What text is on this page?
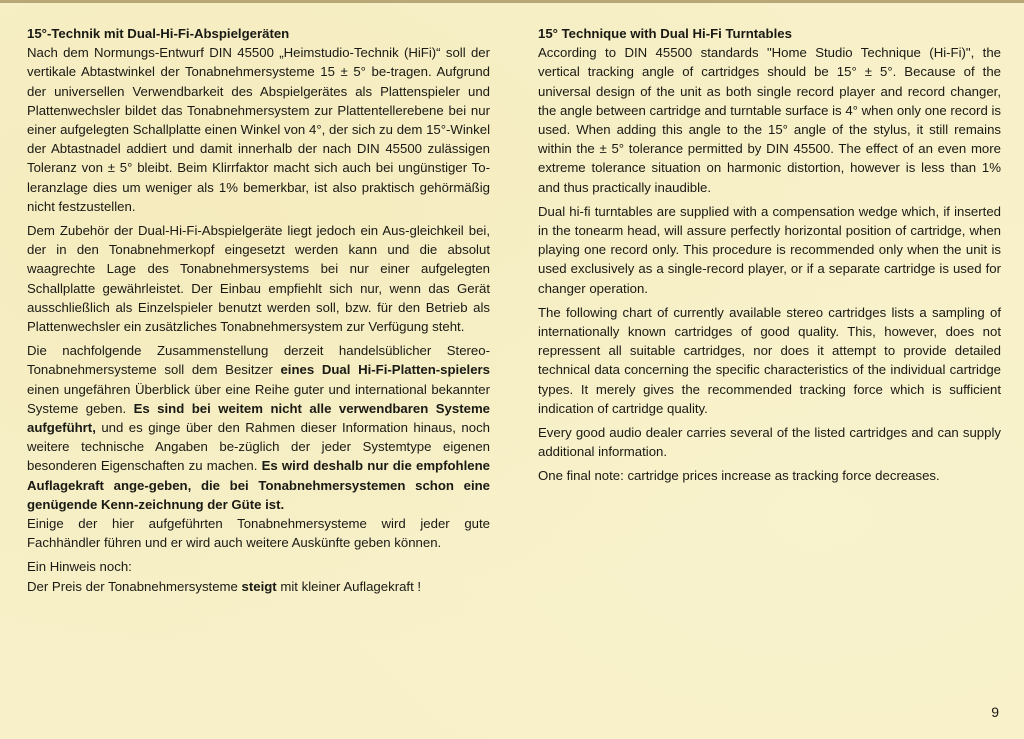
15°-Technik mit Dual-Hi-Fi-Abspielgeräten

Nach dem Normungs-Entwurf DIN 45500 „Heimstudio-Technik (HiFi)“ soll der vertikale Abtastwinkel der Tonabnehmersysteme 15 ± 5° be-tragen. Aufgrund der universellen Verwendbarkeit des Abspielgerätes als Plattenspieler und Plattenwechsler bildet das Tonabnehmersystem zur Plattentellerebene bei nur einer aufgelegten Schallplatte einen Winkel von 4°, der sich zu dem 15°-Winkel der Abtastnadel addiert und damit innerhalb der nach DIN 45500 zulässigen Toleranz von ± 5° bleibt. Beim Klirrfaktor macht sich auch bei ungünstiger To-leranzlage dies um weniger als 1% bemerkbar, ist also praktisch gehörmäßig nicht festzustellen.

Dem Zubehör der Dual-Hi-Fi-Abspielgeräte liegt jedoch ein Aus-gleichkeil bei, der in den Tonabnehmerkopf eingesetzt werden kann und die absolut waagrechte Lage des Tonabnehmersystems bei nur einer aufgelegten Schallplatte gewährleistet. Der Einbau empfiehlt sich nur, wenn das Gerät ausschließlich als Einzelspieler benutzt werden soll, bzw. für den Betrieb als Plattenwechsler ein zusätzliches Tonabnehmersystem zur Verfügung steht.

Die nachfolgende Zusammenstellung derzeit handelsüblicher Stereo-Tonabnehmersysteme soll dem Besitzer eines Dual Hi-Fi-Platten-spielers einen ungefähren Überblick über eine Reihe guter und international bekannter Systeme geben. Es sind bei weitem nicht alle verwendbaren Systeme aufgeführt, und es ginge über den Rahmen dieser Information hinaus, noch weitere technische Angaben be-züglich der jeder Systemtype eigenen besonderen Eigenschaften zu machen. Es wird deshalb nur die empfohlene Auflagekraft ange-geben, die bei Tonabnehmersystemen schon eine genügende Kenn-zeichnung der Güte ist.

Einige der hier aufgeführten Tonabnehmersysteme wird jeder gute Fachhändler führen und er wird auch weitere Auskünfte geben können.

Ein Hinweis noch:

Der Preis der Tonabnehmersysteme steigt mit kleiner Auflagekraft !

15° Technique with Dual Hi-Fi Turntables

According to DIN 45500 standards "Home Studio Technique (Hi-Fi)", the vertical tracking angle of cartridges should be 15° ± 5°. Because of the universal design of the unit as both single record player and record changer, the angle between cartridge and turntable surface is 4° when only one record is used. When adding this angle to the 15° angle of the stylus, it still remains within the ± 5° tolerance permitted by DIN 45500. The effect of an even more extreme tolerance situation on harmonic distortion, however is less than 1% and thus practically inaudible.

Dual hi-fi turntables are supplied with a compensation wedge which, if inserted in the tonearm head, will assure perfectly horizontal position of cartridge, when playing one record only. This procedure is recommended only when the unit is used exclusively as a single-record player, or if a separate cartridge is used for changer operation.

The following chart of currently available stereo cartridges lists a sampling of internationally known cartridges of good quality. This, however, does not repressent all suitable cartridges, nor does it attempt to provide detailed technical data concerning the specific characteristics of the individual cartridge types. It merely gives the recommended tracking force which is sufficient indication of cartridge quality.

Every good audio dealer carries several of the listed cartridges and can supply additional information.

One final note: cartridge prices increase as tracking force decreases.

9
